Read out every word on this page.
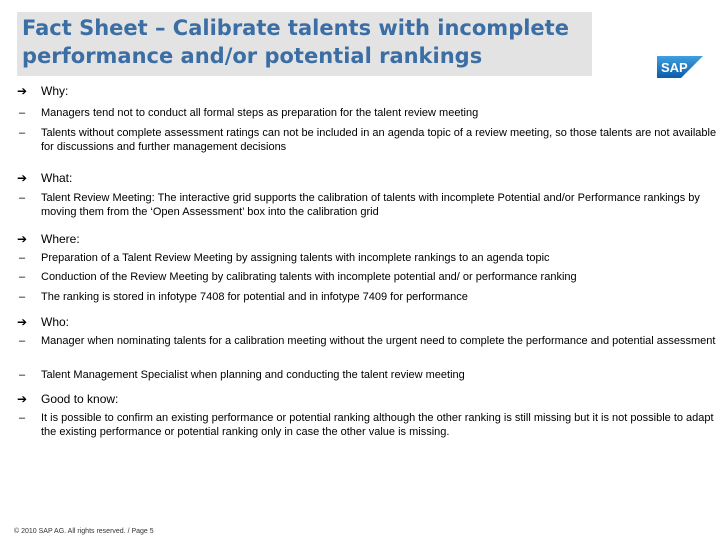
Fact Sheet – Calibrate talents with incomplete performance and/or potential rankings	SAP
➔	Why:
–	Managers tend not to conduct all formal steps as preparation for the talent review meeting
–	Talents without complete assessment ratings can not be included in an agenda topic of a review meeting, so those talents are not available for discussions and further management decisions
➔	What:
–	Talent Review Meeting: The interactive grid supports the calibration of talents with incomplete Potential and/or Performance rankings by moving them from the ‘Open Assessment’ box into the calibration grid
➔	Where:
–	Preparation of a Talent Review Meeting by assigning talents with incomplete rankings to an agenda topic
–	Conduction of the Review Meeting by calibrating talents with incomplete potential and/ or performance ranking
–	The ranking is stored in infotype 7408 for potential and in infotype 7409 for performance
➔	Who:
–	Manager when nominating talents for a calibration meeting without the urgent need to complete the performance and potential assessment
–	Talent Management Specialist when planning and conducting the talent review meeting
➔	Good to know:
–	It is possible to confirm an existing performance or potential ranking although the other ranking is still missing but it is not possible to adapt the existing performance or potential ranking only in case the other value is missing.
© 2010 SAP AG. All rights reserved. / Page 5
